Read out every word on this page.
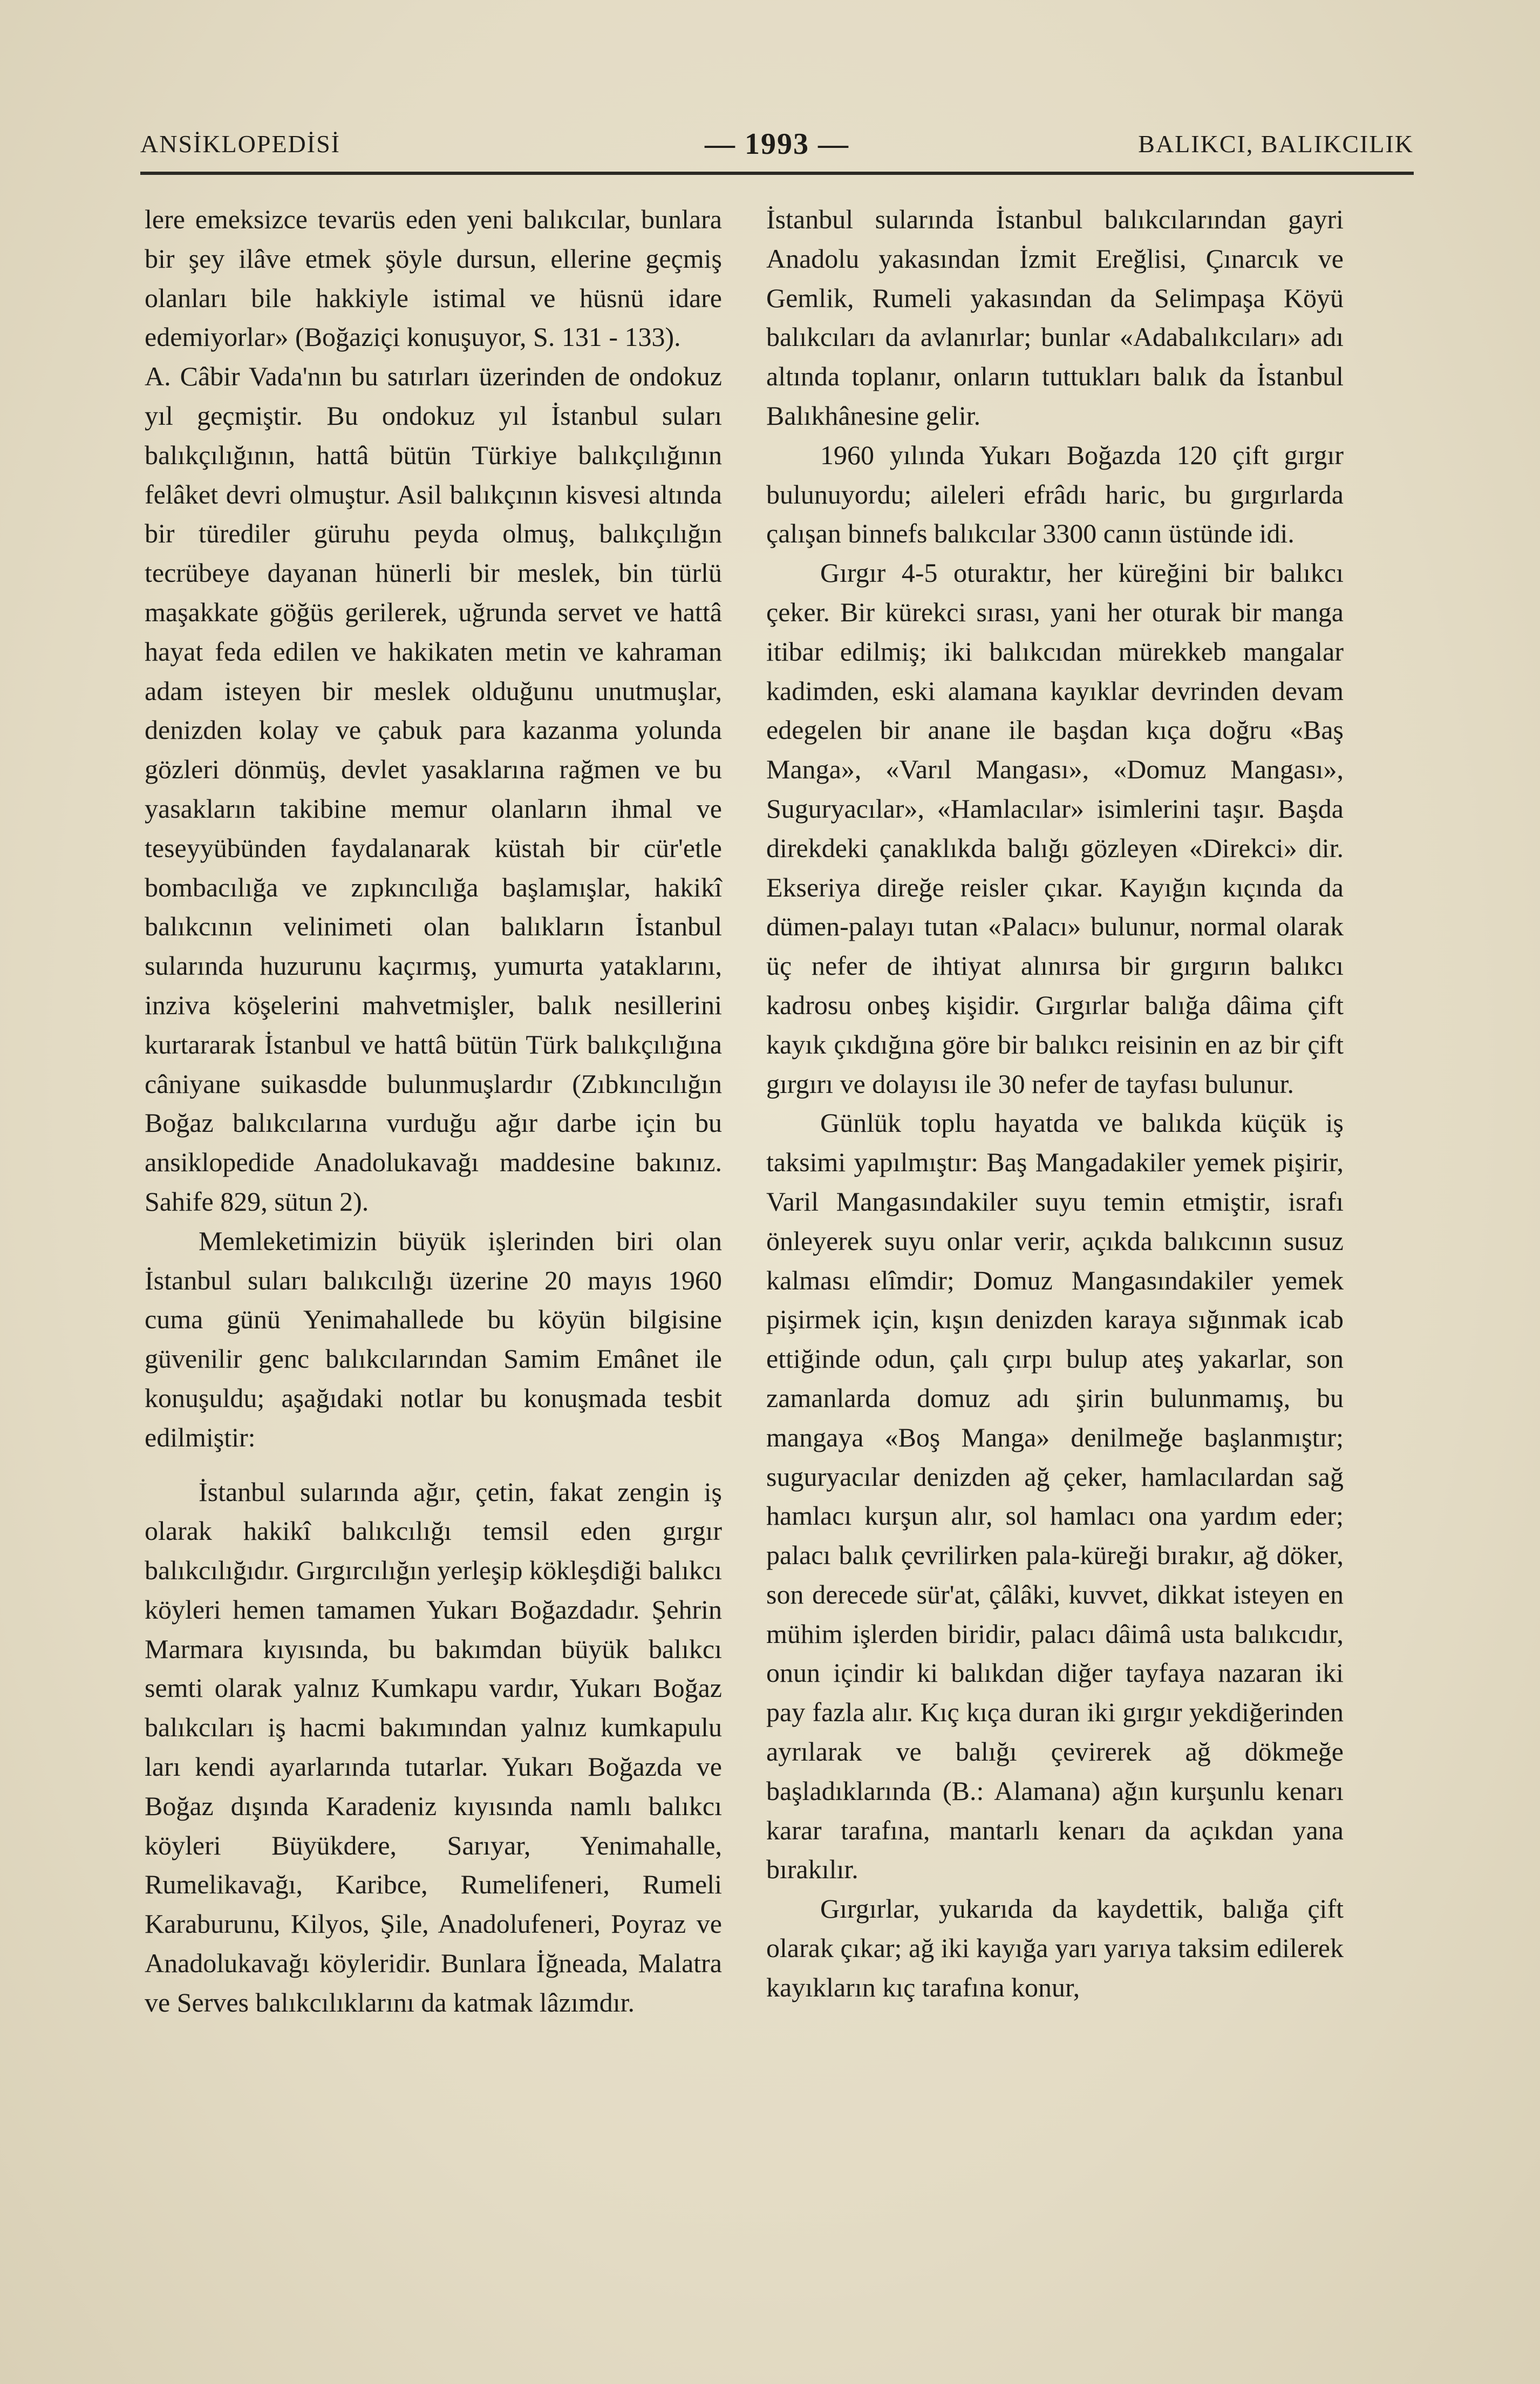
ANSİKLOPEDİSİ	— 1993 —	BALIKCI, BALIKCILIK

lere emeksizce tevarüs eden yeni balıkcılar, bunlara bir şey ilâve etmek şöyle dursun, ellerine geçmiş olanları bile hakkiyle istimal ve hüsnü idare edemiyorlar» (Boğaziçi konuşuyor, S. 131 - 133).

A. Câbir Vada'nın bu satırları üzerinden de ondokuz yıl geçmiştir. Bu ondokuz yıl İstanbul suları balıkçılığının, hattâ bütün Türkiye balıkçılığının felâket devri olmuştur. Asil balıkçının kisvesi altında bir türediler güruhu peyda olmuş, balıkçılığın tecrübeye dayanan hünerli bir meslek, bin türlü maşakkate göğüs gerilerek, uğrunda servet ve hattâ hayat feda edilen ve hakikaten metin ve kahraman adam isteyen bir meslek olduğunu unutmuşlar, denizden kolay ve çabuk para kazanma yolunda gözleri dönmüş, devlet yasaklarına rağmen ve bu yasakların takibine memur olanların ihmal ve teseyyübünden faydalanarak küstah bir cür'etle bombacılığa ve zıpkıncılığa başlamışlar, hakikî balıkcının velinimeti olan balıkların İstanbul sularında huzurunu kaçırmış, yumurta yataklarını, inziva köşelerini mahvetmişler, balık nesillerini kurtararak İstanbul ve hattâ bütün Türk balıkçılığına câniyane suikasdde bulunmuşlardır (Zıbkıncılığın Boğaz balıkcılarına vurduğu ağır darbe için bu ansiklopedide Anadolukavağı maddesine bakınız. Sahife 829, sütun 2).

Memleketimizin büyük işlerinden biri olan İstanbul suları balıkcılığı üzerine 20 mayıs 1960 cuma günü Yenimahallede bu köyün bilgisine güvenilir genc balıkcılarından Samim Emânet ile konuşuldu; aşağıdaki notlar bu konuşmada tesbit edilmiştir:

İstanbul sularında ağır, çetin, fakat zengin iş olarak hakikî balıkcılığı temsil eden gırgır balıkcılığıdır. Gırgırcılığın yerleşip kökleşdiği balıkcı köyleri hemen tamamen Yukarı Boğazdadır. Şehrin Marmara kıyısında, bu bakımdan büyük balıkcı semti olarak yalnız Kumkapu vardır, Yukarı Boğaz balıkcıları iş hacmi bakımından yalnız kumkapulu ları kendi ayarlarında tutarlar. Yukarı Boğazda ve Boğaz dışında Karadeniz kıyısında namlı balıkcı köyleri Büyükdere, Sarıyar, Yenimahalle, Rumelikavağı, Karibce, Rumelifeneri, Rumeli Karaburunu, Kilyos, Şile, Anadolufeneri, Poyraz ve Anadolukavağı köyleridir. Bunlara İğneada, Malatra ve Serves balıkcılıklarını da katmak lâzımdır.

İstanbul sularında İstanbul balıkcılarından gayri Anadolu yakasından İzmit Ereğlisi, Çınarcık ve Gemlik, Rumeli yakasından da Selimpaşa Köyü balıkcıları da avlanırlar; bunlar «Adabalıkcıları» adı altında toplanır, onların tuttukları balık da İstanbul Balıkhânesine gelir.

1960 yılında Yukarı Boğazda 120 çift gırgır bulunuyordu; aileleri efrâdı haric, bu gırgırlarda çalışan binnefs balıkcılar 3300 canın üstünde idi.

Gırgır 4-5 oturaktır, her küreğini bir balıkcı çeker. Bir kürekci sırası, yani her oturak bir manga itibar edilmiş; iki balıkcıdan mürekkeb mangalar kadimden, eski alamana kayıklar devrinden devam edegelen bir anane ile başdan kıça doğru «Baş Manga», «Varıl Mangası», «Domuz Mangası», Suguryacılar», «Hamlacılar» isimlerini taşır. Başda direkdeki çanaklıkda balığı gözleyen «Direkci» dir. Ekseriya direğe reisler çıkar. Kayığın kıçında da dümen-palayı tutan «Palacı» bulunur, normal olarak üç nefer de ihtiyat alınırsa bir gırgırın balıkcı kadrosu onbeş kişidir. Gırgırlar balığa dâima çift kayık çıkdığına göre bir balıkcı reisinin en az bir çift gırgırı ve dolayısı ile 30 nefer de tayfası bulunur.

Günlük toplu hayatda ve balıkda küçük iş taksimi yapılmıştır: Baş Mangadakiler yemek pişirir, Varil Mangasındakiler suyu temin etmiştir, israfı önleyerek suyu onlar verir, açıkda balıkcının susuz kalması elîmdir; Domuz Mangasındakiler yemek pişirmek için, kışın denizden karaya sığınmak icab ettiğinde odun, çalı çırpı bulup ateş yakarlar, son zamanlarda domuz adı şirin bulunmamış, bu mangaya «Boş Manga» denilmeğe başlanmıştır; suguryacılar denizden ağ çeker, hamlacılardan sağ hamlacı kurşun alır, sol hamlacı ona yardım eder; palacı balık çevrilirken pala-küreği bırakır, ağ döker, son derecede sür'at, çâlâki, kuvvet, dikkat isteyen en mühim işlerden biridir, palacı dâimâ usta balıkcıdır, onun içindir ki balıkdan diğer tayfaya nazaran iki pay fazla alır. Kıç kıça duran iki gırgır yekdiğerinden ayrılarak ve balığı çevirerek ağ dökmeğe başladıklarında (B.: Alamana) ağın kurşunlu kenarı karar tarafına, mantarlı kenarı da açıkdan yana bırakılır.

Gırgırlar, yukarıda da kaydettik, balığa çift olarak çıkar; ağ iki kayığa yarı yarıya taksim edilerek kayıkların kıç tarafına konur,
